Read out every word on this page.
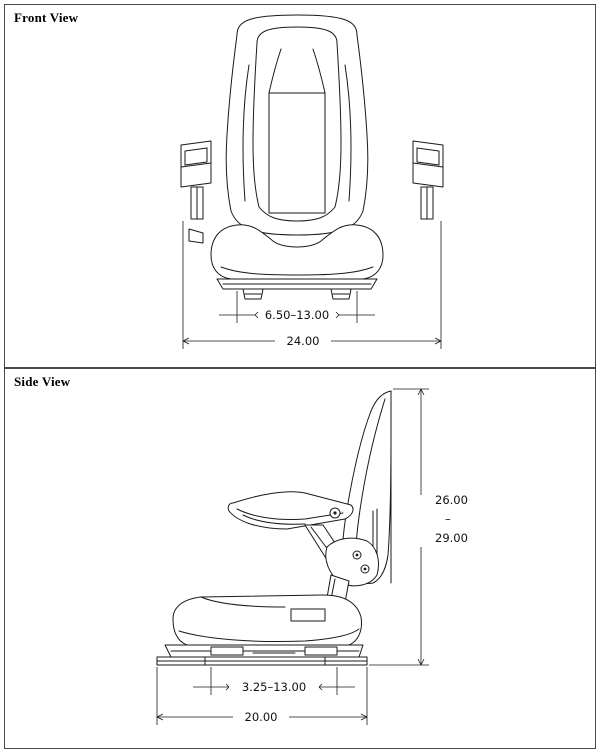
Front View
6.50–13.00
24.00
Side View
26.00
–
29.00
3.25–13.00
20.00
